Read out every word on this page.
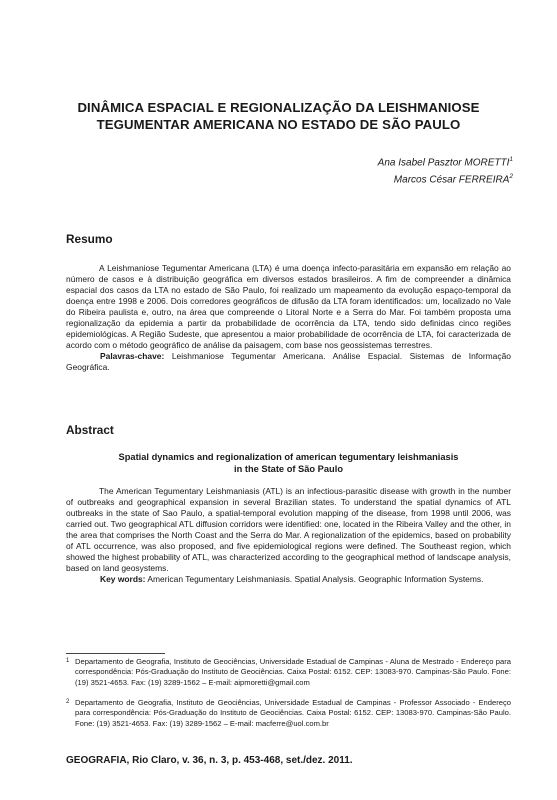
DINÂMICA ESPACIAL E REGIONALIZAÇÃO DA LEISHMANIOSE
TEGUMENTAR AMERICANA NO ESTADO DE SÃO PAULO
Ana Isabel Pasztor MORETTI$^1$
Marcos César FERREIRA$^2$
Resumo

A Leishmaniose Tegumentar Americana (LTA) é uma doença infecto-parasitária em expansão em relação ao número de casos e à distribuição geográfica em diversos estados brasileiros. A fim de compreender a dinâmica espacial dos casos da LTA no estado de São Paulo, foi realizado um mapeamento da evolução espaço-temporal da doença entre 1998 e 2006. Dois corredores geográficos de difusão da LTA foram identificados: um, localizado no Vale do Ribeira paulista e, outro, na área que compreende o Litoral Norte e a Serra do Mar. Foi também proposta uma regionalização da epidemia a partir da probabilidade de ocorrência da LTA, tendo sido definidas cinco regiões epidemiológicas. A Região Sudeste, que apresentou a maior probabilidade de ocorrência de LTA, foi caracterizada de acordo com o método geográfico de análise da paisagem, com base nos geossistemas terrestres.

Palavras-chave: Leishmaniose Tegumentar Americana. Análise Espacial. Sistemas de Informação Geográfica.

Abstract
Spatial dynamics and regionalization of american tegumentary leishmaniasis
in the State of São Paulo

The American Tegumentary Leishmaniasis (ATL) is an infectious-parasitic disease with growth in the number of outbreaks and geographical expansion in several Brazilian states. To understand the spatial dynamics of ATL outbreaks in the state of Sao Paulo, a spatial-temporal evolution mapping of the disease, from 1998 until 2006, was carried out. Two geographical ATL diffusion corridors were identified: one, located in the Ribeira Valley and the other, in the area that comprises the North Coast and the Serra do Mar. A regionalization of the epidemics, based on probability of ATL occurrence, was also proposed, and five epidemiological regions were defined. The Southeast region, which showed the highest probability of ATL, was characterized according to the geographical method of landscape analysis, based on land geosystems.

Key words: American Tegumentary Leishmaniasis. Spatial Analysis. Geographic Information Systems.

1 Departamento de Geografia, Instituto de Geociências, Universidade Estadual de Campinas - Aluna de Mestrado - Endereço para correspondência: Pós-Graduação do Instituto de Geociências. Caixa Postal: 6152. CEP: 13083-970. Campinas-São Paulo. Fone: (19) 3521-4653. Fax: (19) 3289-1562 – E-mail: aipmoretti@gmail.com
2 Departamento de Geografia, Instituto de Geociências, Universidade Estadual de Campinas - Professor Associado - Endereço para correspondência: Pós-Graduação do Instituto de Geociências. Caixa Postal: 6152. CEP: 13083-970. Campinas-São Paulo. Fone: (19) 3521-4653. Fax: (19) 3289-1562 – E-mail: macferre@uol.com.br
GEOGRAFIA, Rio Claro, v. 36, n. 3, p. 453-468, set./dez. 2011.
